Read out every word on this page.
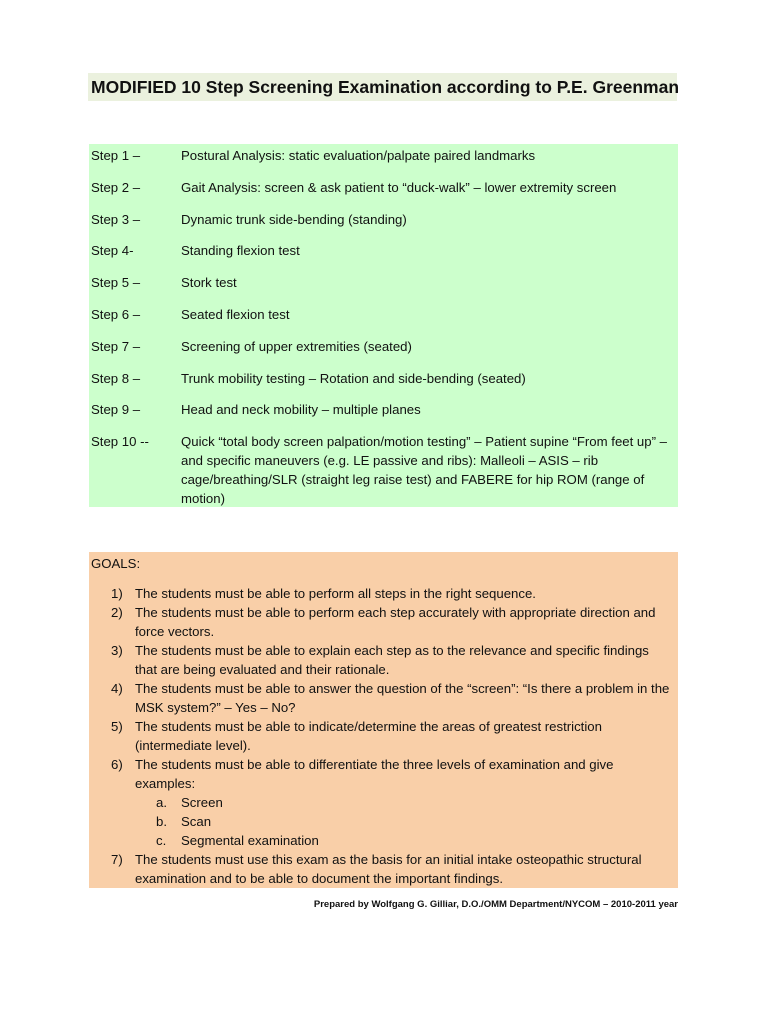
MODIFIED 10 Step Screening Examination according to P.E. Greenman
Step 1 –	Postural Analysis: static evaluation/palpate paired landmarks
Step 2 –	Gait Analysis: screen & ask patient to “duck-walk” – lower extremity screen
Step 3 –	Dynamic trunk side-bending (standing)
Step 4-	Standing flexion test
Step 5 –	Stork test
Step 6 –	Seated flexion test
Step 7 –	Screening of upper extremities (seated)
Step 8 –	Trunk mobility testing – Rotation and side-bending (seated)
Step 9 –	Head and neck mobility – multiple planes
Step 10 -- Quick “total body screen palpation/motion testing” – Patient supine “From feet up” – and specific maneuvers (e.g. LE passive and ribs): Malleoli – ASIS – rib cage/breathing/SLR (straight leg raise test) and FABERE for hip ROM (range of motion)
GOALS:
1) The students must be able to perform all steps in the right sequence.
2) The students must be able to perform each step accurately with appropriate direction and force vectors.
3) The students must be able to explain each step as to the relevance and specific findings that are being evaluated and their rationale.
4) The students must be able to answer the question of the “screen”: “Is there a problem in the MSK system?” – Yes – No?
5) The students must be able to indicate/determine the areas of greatest restriction (intermediate level).
6) The students must be able to differentiate the three levels of examination and give examples:
a. Screen
b. Scan
c. Segmental examination
7) The students must use this exam as the basis for an initial intake osteopathic structural examination and to be able to document the important findings.
Prepared by Wolfgang G. Gilliar, D.O./OMM Department/NYCOM – 2010-2011 year
